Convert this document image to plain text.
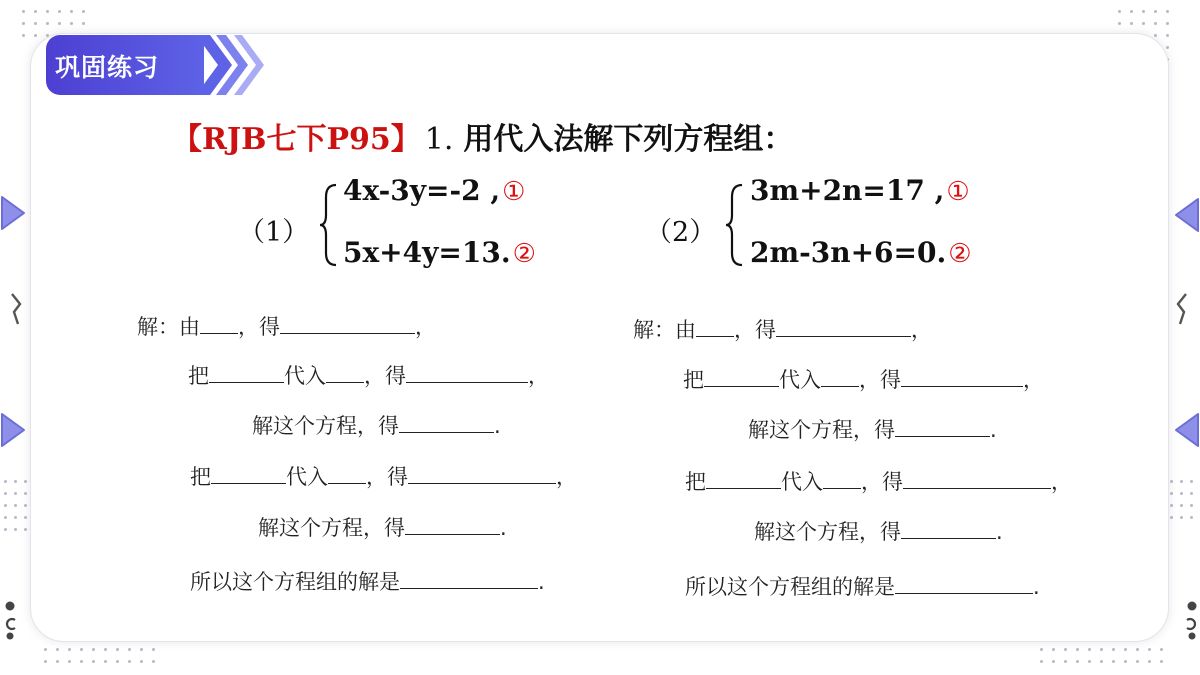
巩固练习
【RJB七下P95】 1. 用代入法解下列方程组：
（1）
4x-3y=-2 ,①
5x+4y=13.②
（2）
3m+2n=17 ,①
2m-3n+6=0.②
解：由 ，得	，
把	代入 ，得	，
解这个方程，得	.
把	代入 ，得	，
解这个方程，得	.
所以这个方程组的解是	.
解：由 ，得	，
把	代入 ，得	，
解这个方程，得	.
把	代入 ，得	，
解这个方程，得	.
所以这个方程组的解是	.
